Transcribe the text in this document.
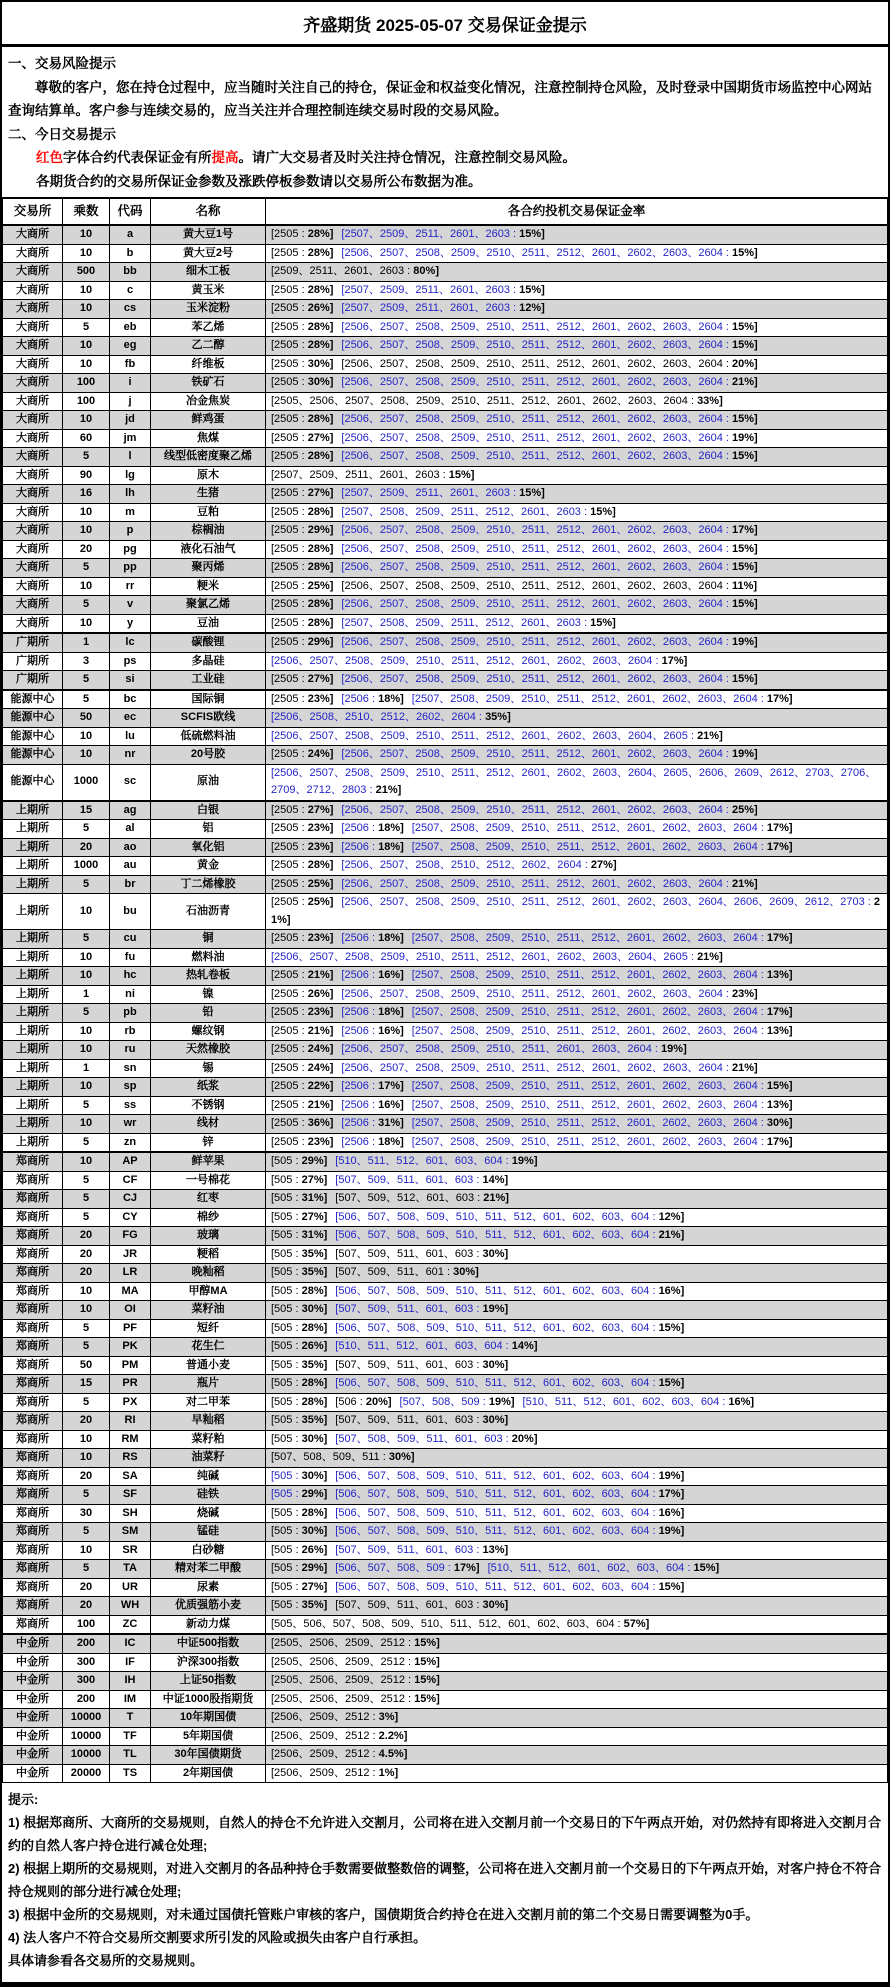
齐盛期货 2025-05-07 交易保证金提示

一、交易风险提示

尊敬的客户，您在持仓过程中，应当随时关注自己的持仓，保证金和权益变化情况，注意控制持仓风险，及时登录中国期货市场监控中心网站查询结算单。客户参与连续交易的，应当关注并合理控制连续交易时段的交易风险。

二、今日交易提示

红色字体合约代表保证金有所提高。请广大交易者及时关注持仓情况，注意控制交易风险。

各期货合约的交易所保证金参数及涨跌停板参数请以交易所公布数据为准。

交易所	乘数	代码	名称	各合约投机交易保证金率
大商所	10	a	黄大豆1号	[2505 : 28%] [2507、2509、2511、2601、2603 : 15%]
大商所	10	b	黄大豆2号	[2505 : 28%] [2506、2507、2508、2509、2510、2511、2512、2601、2602、2603、2604 : 15%]
大商所	500	bb	细木工板	[2509、2511、2601、2603 : 80%]
大商所	10	c	黄玉米	[2505 : 28%] [2507、2509、2511、2601、2603 : 15%]
大商所	10	cs	玉米淀粉	[2505 : 26%] [2507、2509、2511、2601、2603 : 12%]
大商所	5	eb	苯乙烯	[2505 : 28%] [2506、2507、2508、2509、2510、2511、2512、2601、2602、2603、2604 : 15%]
大商所	10	eg	乙二醇	[2505 : 28%] [2506、2507、2508、2509、2510、2511、2512、2601、2602、2603、2604 : 15%]
大商所	10	fb	纤维板	[2505 : 30%] [2506、2507、2508、2509、2510、2511、2512、2601、2602、2603、2604 : 20%]
大商所	100	i	铁矿石	[2505 : 30%] [2506、2507、2508、2509、2510、2511、2512、2601、2602、2603、2604 : 21%]
大商所	100	j	冶金焦炭	[2505、2506、2507、2508、2509、2510、2511、2512、2601、2602、2603、2604 : 33%]
大商所	10	jd	鲜鸡蛋	[2505 : 28%] [2506、2507、2508、2509、2510、2511、2512、2601、2602、2603、2604 : 15%]
大商所	60	jm	焦煤	[2505 : 27%] [2506、2507、2508、2509、2510、2511、2512、2601、2602、2603、2604 : 19%]
大商所	5	l	线型低密度聚乙烯	[2505 : 28%] [2506、2507、2508、2509、2510、2511、2512、2601、2602、2603、2604 : 15%]
大商所	90	lg	原木	[2507、2509、2511、2601、2603 : 15%]
大商所	16	lh	生猪	[2505 : 27%] [2507、2509、2511、2601、2603 : 15%]
大商所	10	m	豆粕	[2505 : 28%] [2507、2508、2509、2511、2512、2601、2603 : 15%]
大商所	10	p	棕榈油	[2505 : 29%] [2506、2507、2508、2509、2510、2511、2512、2601、2602、2603、2604 : 17%]
大商所	20	pg	液化石油气	[2505 : 28%] [2506、2507、2508、2509、2510、2511、2512、2601、2602、2603、2604 : 15%]
大商所	5	pp	聚丙烯	[2505 : 28%] [2506、2507、2508、2509、2510、2511、2512、2601、2602、2603、2604 : 15%]
大商所	10	rr	粳米	[2505 : 25%] [2506、2507、2508、2509、2510、2511、2512、2601、2602、2603、2604 : 11%]
大商所	5	v	聚氯乙烯	[2505 : 28%] [2506、2507、2508、2509、2510、2511、2512、2601、2602、2603、2604 : 15%]
大商所	10	y	豆油	[2505 : 28%] [2507、2508、2509、2511、2512、2601、2603 : 15%]
广期所	1	lc	碳酸锂	[2505 : 29%] [2506、2507、2508、2509、2510、2511、2512、2601、2602、2603、2604 : 19%]
广期所	3	ps	多晶硅	[2506、2507、2508、2509、2510、2511、2512、2601、2602、2603、2604 : 17%]
广期所	5	si	工业硅	[2505 : 27%] [2506、2507、2508、2509、2510、2511、2512、2601、2602、2603、2604 : 15%]
能源中心	5	bc	国际铜	[2505 : 23%] [2506 : 18%] [2507、2508、2509、2510、2511、2512、2601、2602、2603、2604 : 17%]
能源中心	50	ec	SCFIS欧线	[2506、2508、2510、2512、2602、2604 : 35%]
能源中心	10	lu	低硫燃料油	[2506、2507、2508、2509、2510、2511、2512、2601、2602、2603、2604、2605 : 21%]
能源中心	10	nr	20号胶	[2505 : 24%] [2506、2507、2508、2509、2510、2511、2512、2601、2602、2603、2604 : 19%]
能源中心	1000	sc	原油	[2506、2507、2508、2509、2510、2511、2512、2601、2602、2603、2604、2605、2606、2609、2612、2703、2706、2709、2712、2803 : 21%]
上期所	15	ag	白银	[2505 : 27%] [2506、2507、2508、2509、2510、2511、2512、2601、2602、2603、2604 : 25%]
上期所	5	al	铝	[2505 : 23%] [2506 : 18%] [2507、2508、2509、2510、2511、2512、2601、2602、2603、2604 : 17%]
上期所	20	ao	氧化铝	[2505 : 23%] [2506 : 18%] [2507、2508、2509、2510、2511、2512、2601、2602、2603、2604 : 17%]
上期所	1000	au	黄金	[2505 : 28%] [2506、2507、2508、2510、2512、2602、2604 : 27%]
上期所	5	br	丁二烯橡胶	[2505 : 25%] [2506、2507、2508、2509、2510、2511、2512、2601、2602、2603、2604 : 21%]
上期所	10	bu	石油沥青	[2505 : 25%] [2506、2507、2508、2509、2510、2511、2512、2601、2602、2603、2604、2606、2609、2612、2703 : 21%]
上期所	5	cu	铜	[2505 : 23%] [2506 : 18%] [2507、2508、2509、2510、2511、2512、2601、2602、2603、2604 : 17%]
上期所	10	fu	燃料油	[2506、2507、2508、2509、2510、2511、2512、2601、2602、2603、2604、2605 : 21%]
上期所	10	hc	热轧卷板	[2505 : 21%] [2506 : 16%] [2507、2508、2509、2510、2511、2512、2601、2602、2603、2604 : 13%]
上期所	1	ni	镍	[2505 : 26%] [2506、2507、2508、2509、2510、2511、2512、2601、2602、2603、2604 : 23%]
上期所	5	pb	铅	[2505 : 23%] [2506 : 18%] [2507、2508、2509、2510、2511、2512、2601、2602、2603、2604 : 17%]
上期所	10	rb	螺纹钢	[2505 : 21%] [2506 : 16%] [2507、2508、2509、2510、2511、2512、2601、2602、2603、2604 : 13%]
上期所	10	ru	天然橡胶	[2505 : 24%] [2506、2507、2508、2509、2510、2511、2601、2603、2604 : 19%]
上期所	1	sn	锡	[2505 : 24%] [2506、2507、2508、2509、2510、2511、2512、2601、2602、2603、2604 : 21%]
上期所	10	sp	纸浆	[2505 : 22%] [2506 : 17%] [2507、2508、2509、2510、2511、2512、2601、2602、2603、2604 : 15%]
上期所	5	ss	不锈钢	[2505 : 21%] [2506 : 16%] [2507、2508、2509、2510、2511、2512、2601、2602、2603、2604 : 13%]
上期所	10	wr	线材	[2505 : 36%] [2506 : 31%] [2507、2508、2509、2510、2511、2512、2601、2602、2603、2604 : 30%]
上期所	5	zn	锌	[2505 : 23%] [2506 : 18%] [2507、2508、2509、2510、2511、2512、2601、2602、2603、2604 : 17%]
郑商所	10	AP	鲜苹果	[505 : 29%] [510、511、512、601、603、604 : 19%]
郑商所	5	CF	一号棉花	[505 : 27%] [507、509、511、601、603 : 14%]
郑商所	5	CJ	红枣	[505 : 31%] [507、509、512、601、603 : 21%]
郑商所	5	CY	棉纱	[505 : 27%] [506、507、508、509、510、511、512、601、602、603、604 : 12%]
郑商所	20	FG	玻璃	[505 : 31%] [506、507、508、509、510、511、512、601、602、603、604 : 21%]
郑商所	20	JR	粳稻	[505 : 35%] [507、509、511、601、603 : 30%]
郑商所	20	LR	晚籼稻	[505 : 35%] [507、509、511、601 : 30%]
郑商所	10	MA	甲醇MA	[505 : 28%] [506、507、508、509、510、511、512、601、602、603、604 : 16%]
郑商所	10	OI	菜籽油	[505 : 30%] [507、509、511、601、603 : 19%]
郑商所	5	PF	短纤	[505 : 28%] [506、507、508、509、510、511、512、601、602、603、604 : 15%]
郑商所	5	PK	花生仁	[505 : 26%] [510、511、512、601、603、604 : 14%]
郑商所	50	PM	普通小麦	[505 : 35%] [507、509、511、601、603 : 30%]
郑商所	15	PR	瓶片	[505 : 28%] [506、507、508、509、510、511、512、601、602、603、604 : 15%]
郑商所	5	PX	对二甲苯	[505 : 28%] [506 : 20%] [507、508、509 : 19%] [510、511、512、601、602、603、604 : 16%]
郑商所	20	RI	早籼稻	[505 : 35%] [507、509、511、601、603 : 30%]
郑商所	10	RM	菜籽粕	[505 : 30%] [507、508、509、511、601、603 : 20%]
郑商所	10	RS	油菜籽	[507、508、509、511 : 30%]
郑商所	20	SA	纯碱	[505 : 30%] [506、507、508、509、510、511、512、601、602、603、604 : 19%]
郑商所	5	SF	硅铁	[505 : 29%] [506、507、508、509、510、511、512、601、602、603、604 : 17%]
郑商所	30	SH	烧碱	[505 : 28%] [506、507、508、509、510、511、512、601、602、603、604 : 16%]
郑商所	5	SM	锰硅	[505 : 30%] [506、507、508、509、510、511、512、601、602、603、604 : 19%]
郑商所	10	SR	白砂糖	[505 : 26%] [507、509、511、601、603 : 13%]
郑商所	5	TA	精对苯二甲酸	[505 : 29%] [506、507、508、509 : 17%] [510、511、512、601、602、603、604 : 15%]
郑商所	20	UR	尿素	[505 : 27%] [506、507、508、509、510、511、512、601、602、603、604 : 15%]
郑商所	20	WH	优质强筋小麦	[505 : 35%] [507、509、511、601、603 : 30%]
郑商所	100	ZC	新动力煤	[505、506、507、508、509、510、511、512、601、602、603、604 : 57%]
中金所	200	IC	中证500指数	[2505、2506、2509、2512 : 15%]
中金所	300	IF	沪深300指数	[2505、2506、2509、2512 : 15%]
中金所	300	IH	上证50指数	[2505、2506、2509、2512 : 15%]
中金所	200	IM	中证1000股指期货	[2505、2506、2509、2512 : 15%]
中金所	10000	T	10年期国债	[2506、2509、2512 : 3%]
中金所	10000	TF	5年期国债	[2506、2509、2512 : 2.2%]
中金所	10000	TL	30年国债期货	[2506、2509、2512 : 4.5%]
中金所	20000	TS	2年期国债	[2506、2509、2512 : 1%]
提示:
1) 根据郑商所、大商所的交易规则，自然人的持仓不允许进入交割月，公司将在进入交割月前一个交易日的下午两点开始，对仍然持有即将进入交割月合约的自然人客户持仓进行减仓处理;
2) 根据上期所的交易规则，对进入交割月的各品种持仓手数需要做整数倍的调整，公司将在进入交割月前一个交易日的下午两点开始，对客户持仓不符合持仓规则的部分进行减仓处理;
3) 根据中金所的交易规则，对未通过国债托管账户审核的客户，国债期货合约持仓在进入交割月前的第二个交易日需要调整为0手。
4) 法人客户不符合交易所交割要求所引发的风险或损失由客户自行承担。
具体请参看各交易所的交易规则。
